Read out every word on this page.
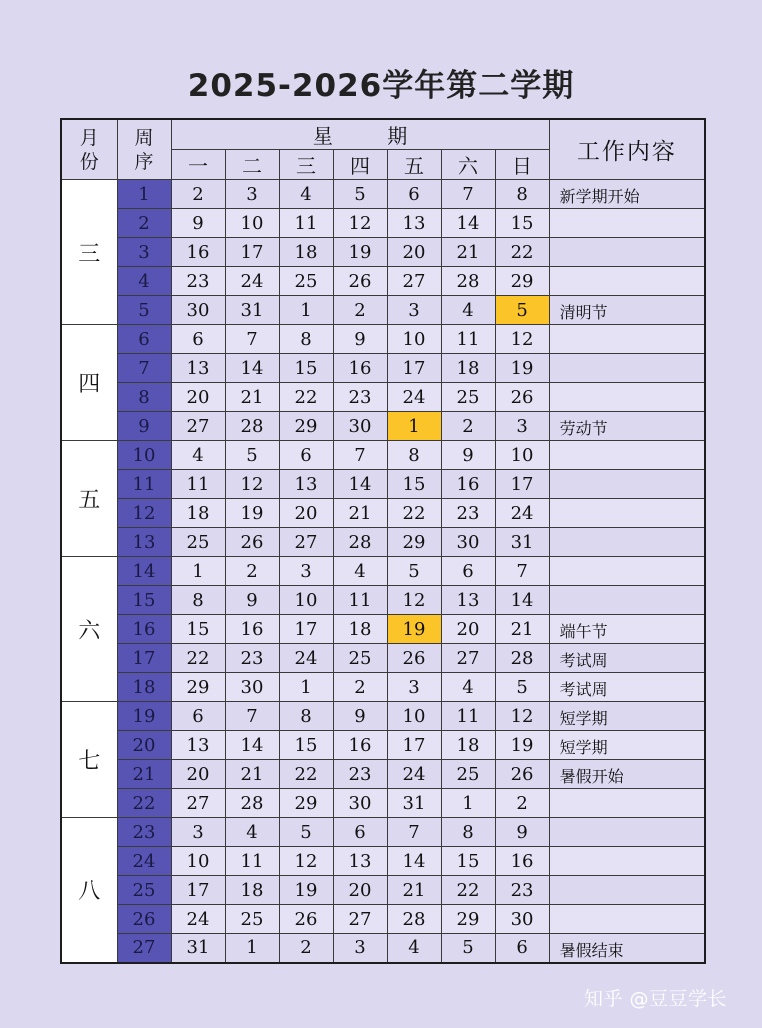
2025-2026学年第二学期
月份	周序	星 期							工作内容
		一	二	三	四	五	六	日	
三	1	2	3	4	5	6	7	8	新学期开始
	2	9	10	11	12	13	14	15	
	3	16	17	18	19	20	21	22	
	4	23	24	25	26	27	28	29	
	5	30	31	1	2	3	4	5	清明节
四	6	6	7	8	9	10	11	12	
	7	13	14	15	16	17	18	19	
	8	20	21	22	23	24	25	26	
	9	27	28	29	30	1	2	3	劳动节
五	10	4	5	6	7	8	9	10	
	11	11	12	13	14	15	16	17	
	12	18	19	20	21	22	23	24	
	13	25	26	27	28	29	30	31	
六	14	1	2	3	4	5	6	7	
	15	8	9	10	11	12	13	14	
	16	15	16	17	18	19	20	21	端午节
	17	22	23	24	25	26	27	28	考试周
	18	29	30	1	2	3	4	5	考试周
七	19	6	7	8	9	10	11	12	短学期
	20	13	14	15	16	17	18	19	短学期
	21	20	21	22	23	24	25	26	暑假开始
	22	27	28	29	30	31	1	2	
八	23	3	4	5	6	7	8	9	
	24	10	11	12	13	14	15	16	
	25	17	18	19	20	21	22	23	
	26	24	25	26	27	28	29	30	
	27	31	1	2	3	4	5	6	暑假结束
知乎 @豆豆学长
